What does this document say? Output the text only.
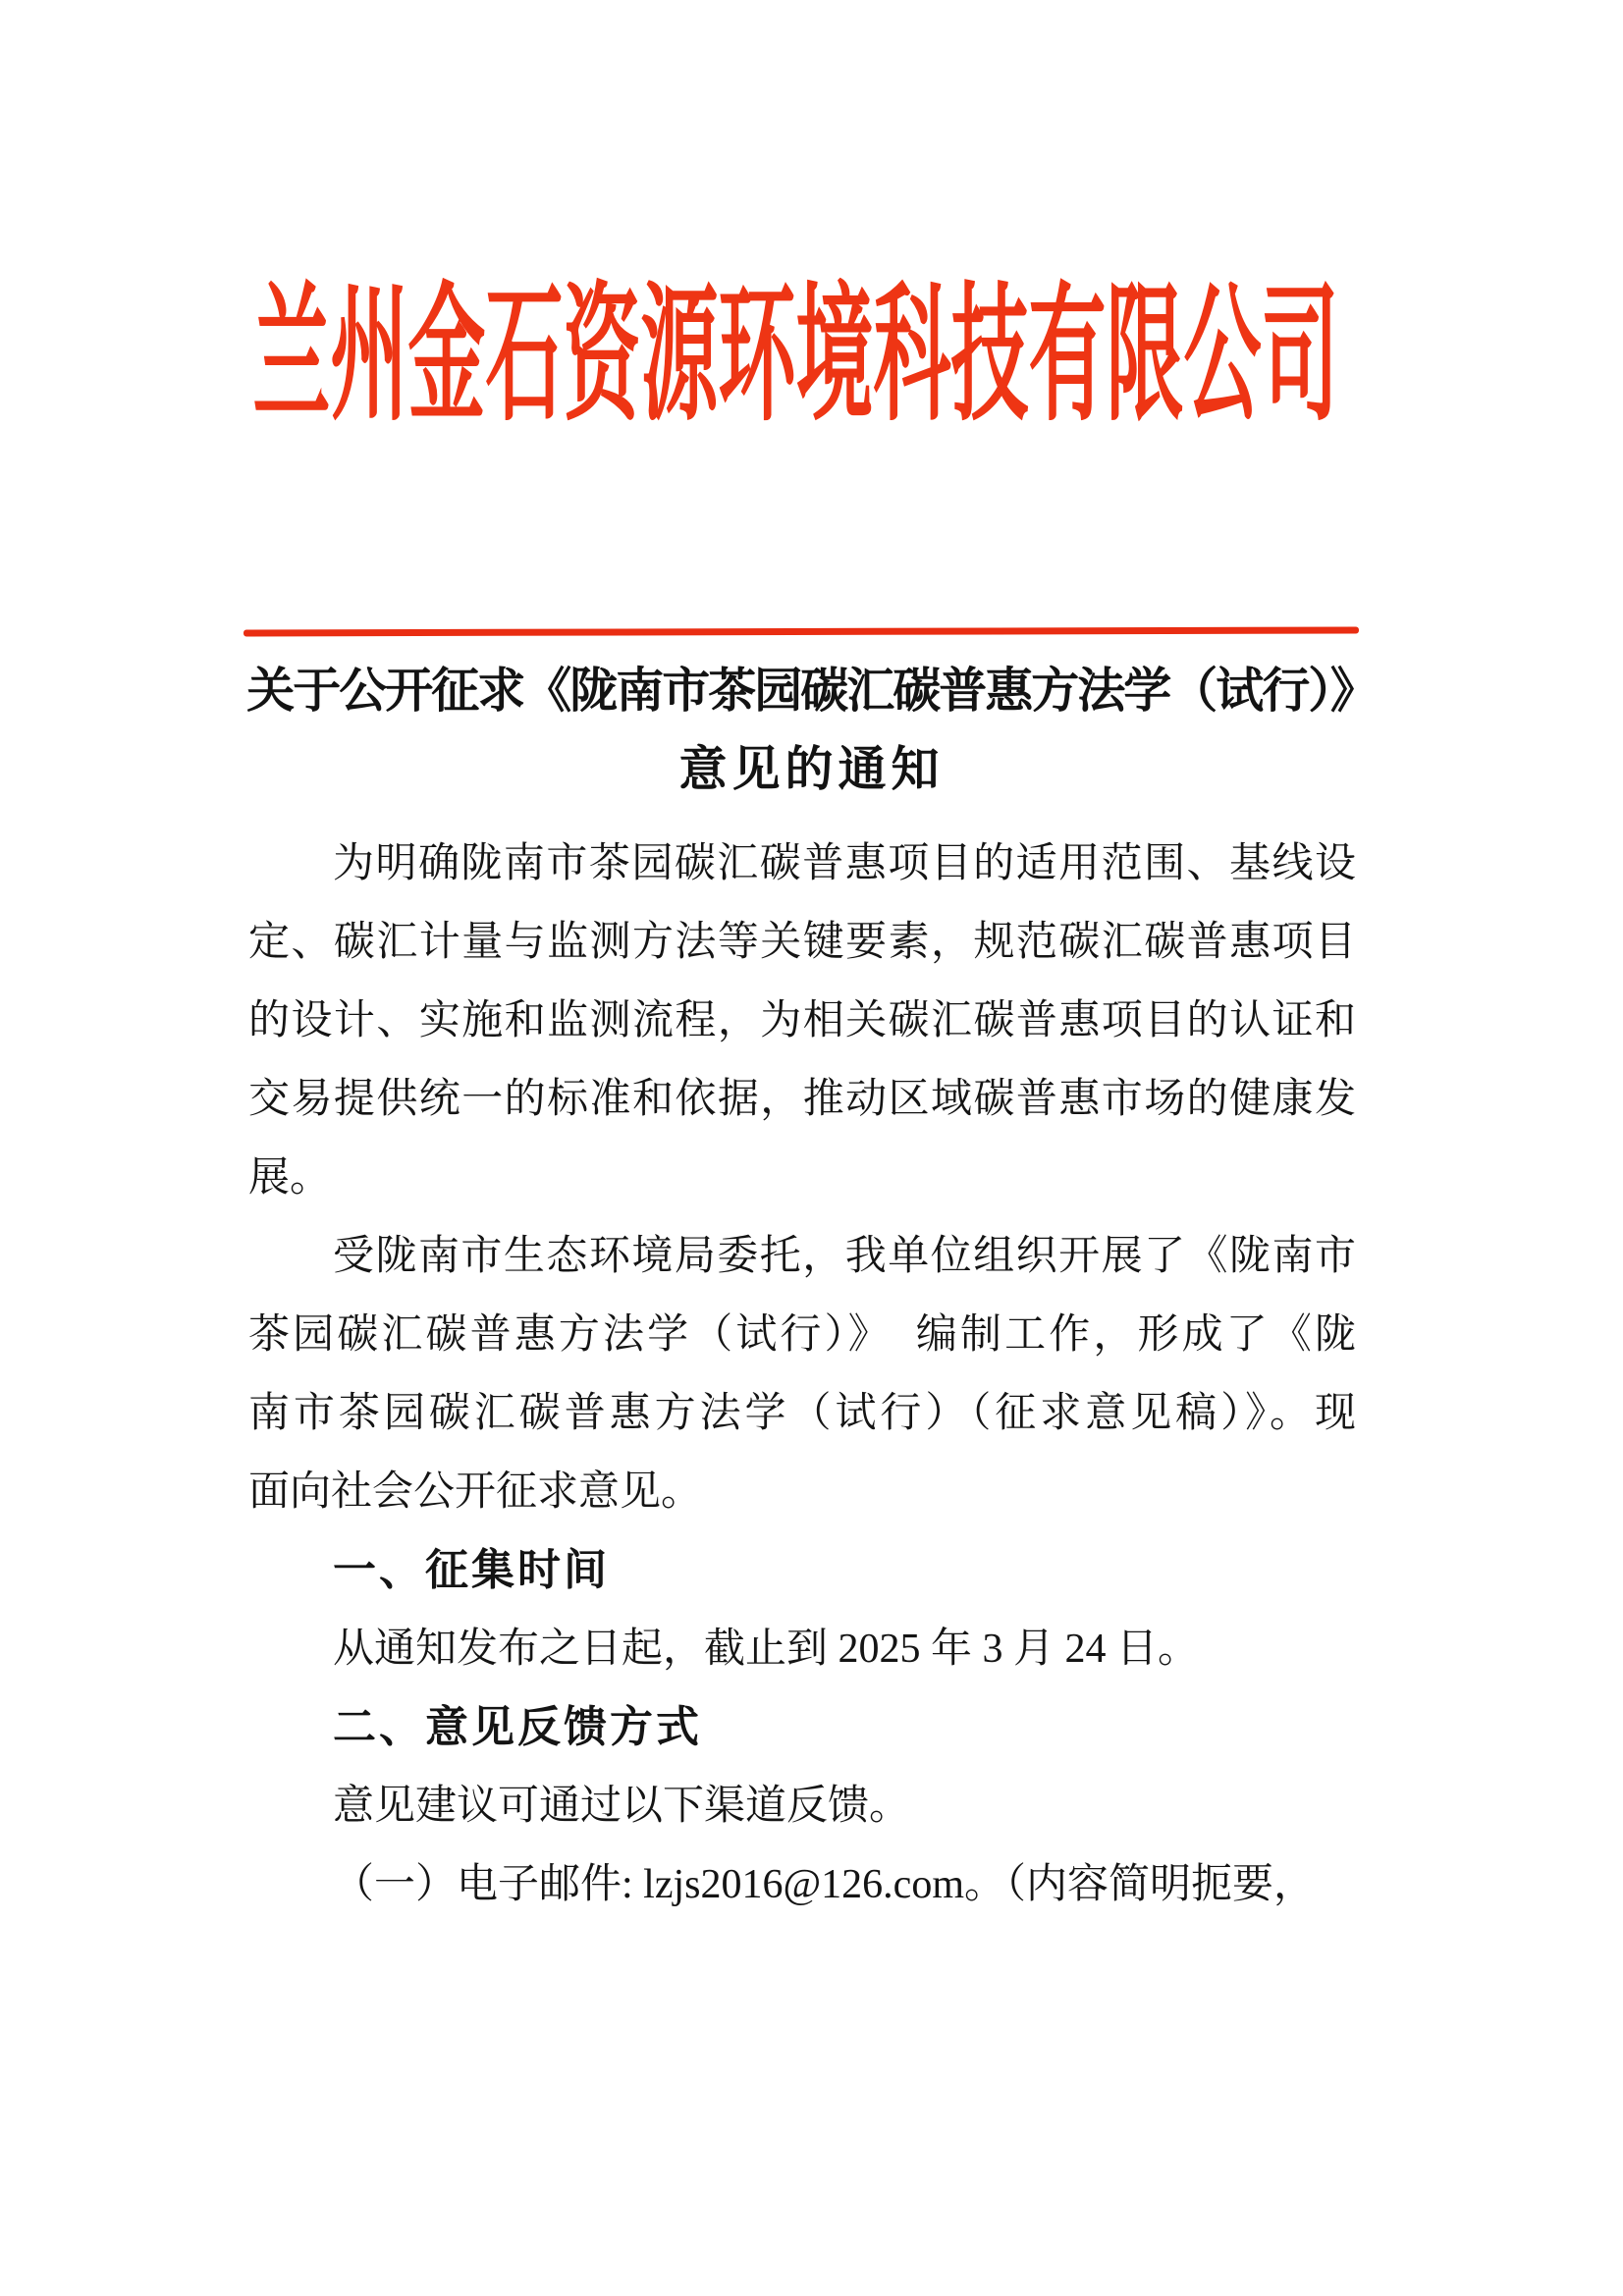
兰州金石资源环境科技有限公司
关于公开征求《陇南市茶园碳汇碳普惠方法学（试行）》
意见的通知
为明确陇南市茶园碳汇碳普惠项目的适用范围、基线设
定、碳汇计量与监测方法等关键要素，规范碳汇碳普惠项目
的设计、实施和监测流程，为相关碳汇碳普惠项目的认证和
交易提供统一的标准和依据，推动区域碳普惠市场的健康发
展。
受陇南市生态环境局委托，我单位组织开展了《陇南市
茶园碳汇碳普惠方法学（试行）》　编制工作，形成了《陇
南市茶园碳汇碳普惠方法学（试行）（征求意见稿）》。现
面向社会公开征求意见。
一、征集时间
从通知发布之日起，截止到 2025 年 3 月 24 日。
二、意见反馈方式
意见建议可通过以下渠道反馈。
（一）电子邮件: lzjs2016@126.com。（内容简明扼要，
